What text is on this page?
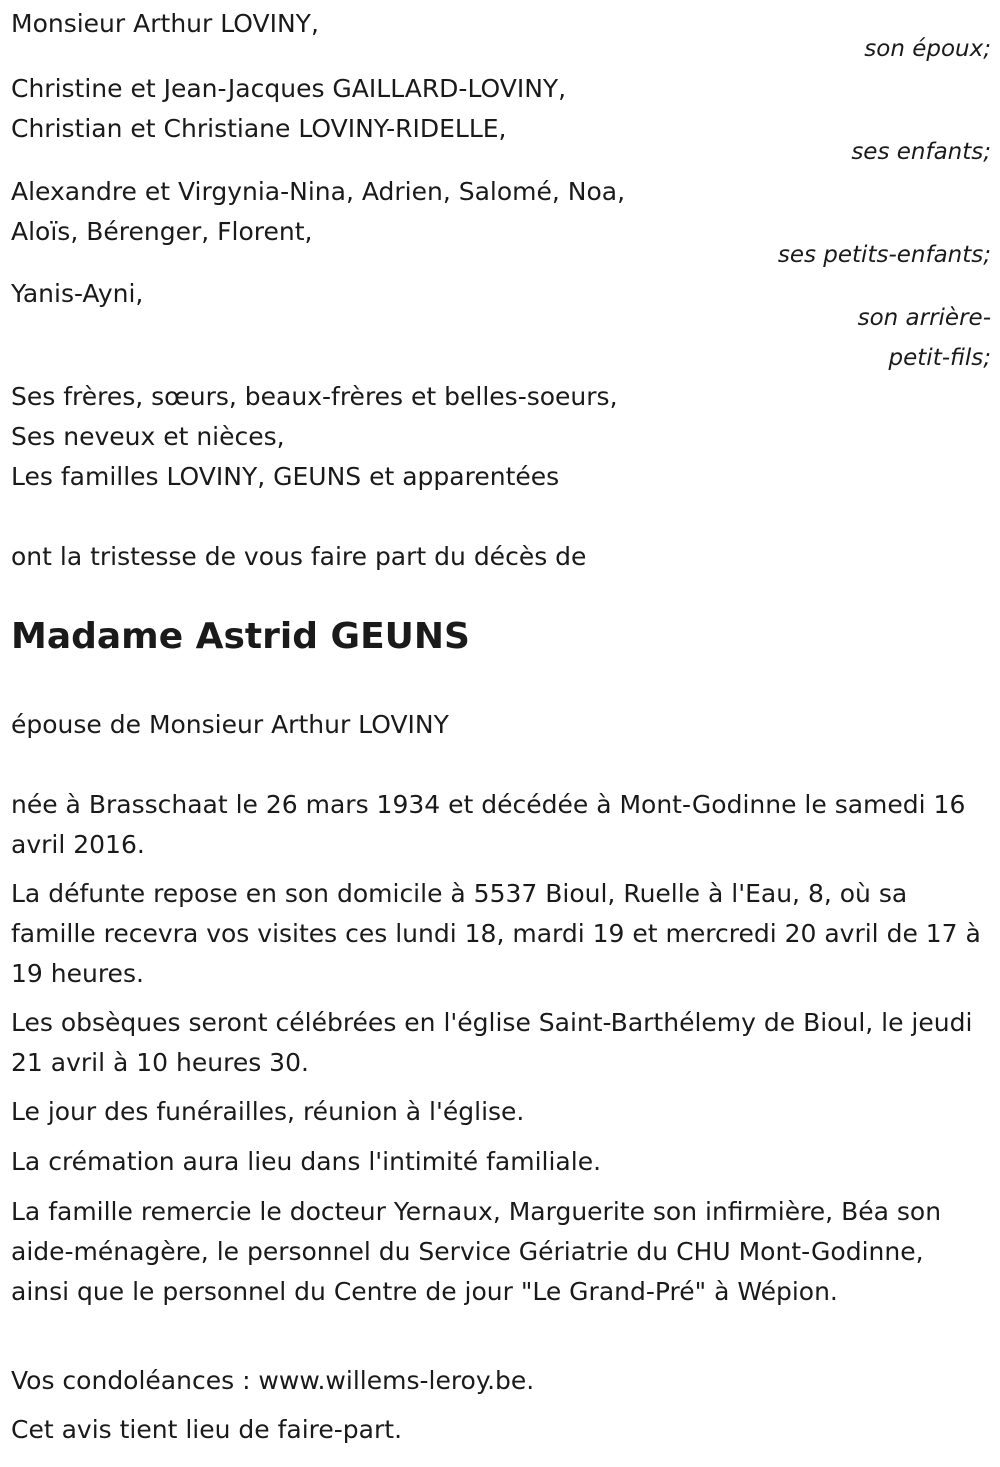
Monsieur Arthur LOVINY,
son époux;
Christine et Jean-Jacques GAILLARD-LOVINY,
Christian et Christiane LOVINY-RIDELLE,
ses enfants;
Alexandre et Virgynia-Nina, Adrien, Salomé, Noa,
Aloïs, Bérenger, Florent,
ses petits-enfants;
Yanis-Ayni,
son arrière-
petit-fils;
Ses frères, sœurs, beaux-frères et belles-soeurs,
Ses neveux et nièces,
Les familles LOVINY, GEUNS et apparentées
ont la tristesse de vous faire part du décès de
Madame Astrid GEUNS
épouse de Monsieur Arthur LOVINY
née à Brasschaat le 26 mars 1934 et décédée à Mont-Godinne le samedi 16 avril 2016.
La défunte repose en son domicile à 5537 Bioul, Ruelle à l'Eau, 8, où sa famille recevra vos visites ces lundi 18, mardi 19 et mercredi 20 avril de 17 à 19 heures.
Les obsèques seront célébrées en l'église Saint-Barthélemy de Bioul, le jeudi 21 avril à 10 heures 30.
Le jour des funérailles, réunion à l'église.
La crémation aura lieu dans l'intimité familiale.
La famille remercie le docteur Yernaux, Marguerite son infirmière, Béa son aide-ménagère, le personnel du Service Gériatrie du CHU Mont-Godinne, ainsi que le personnel du Centre de jour "Le Grand-Pré" à Wépion.
Vos condoléances : www.willems-leroy.be.
Cet avis tient lieu de faire-part.
